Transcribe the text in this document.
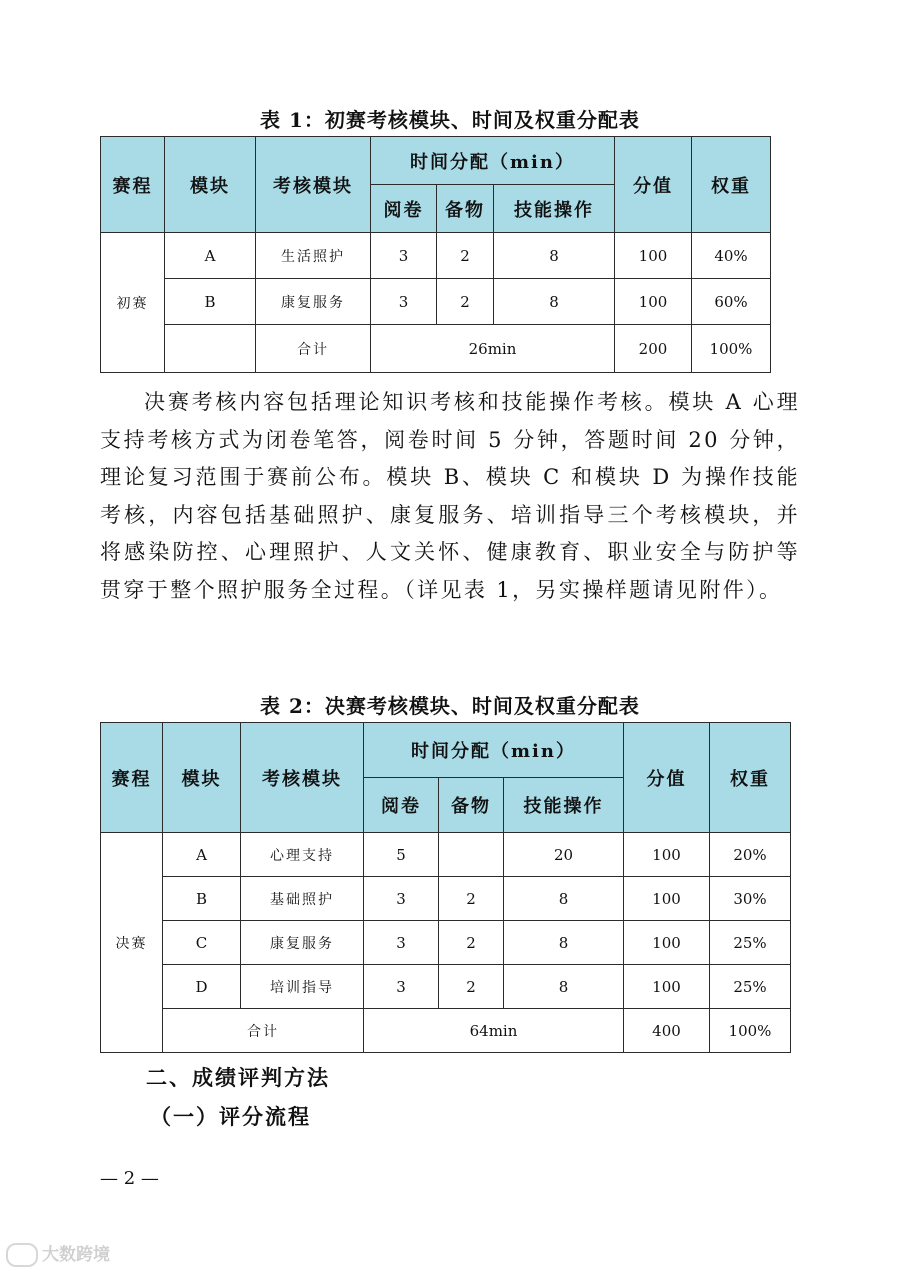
表 1：初赛考核模块、时间及权重分配表
赛程	模块	考核模块	时间分配（min）			分值	权重
			阅卷	备物	技能操作		
初赛	A	生活照护	3	2	8	100	40%
	B	康复服务	3	2	8	100	60%
		合计	26min			200	100%
决赛考核内容包括理论知识考核和技能操作考核。模块 A 心理支持考核方式为闭卷笔答，阅卷时间 5 分钟，答题时间 20 分钟，理论复习范围于赛前公布。模块 B、模块 C 和模块 D 为操作技能考核，内容包括基础照护、康复服务、培训指导三个考核模块，并将感染防控、心理照护、人文关怀、健康教育、职业安全与防护等贯穿于整个照护服务全过程。（详见表 1，另实操样题请见附件）。
表 2：决赛考核模块、时间及权重分配表
赛程	模块	考核模块	时间分配（min）			分值	权重
			阅卷	备物	技能操作		
决赛	A	心理支持	5		20	100	20%
	B	基础照护	3	2	8	100	30%
	C	康复服务	3	2	8	100	25%
	D	培训指导	3	2	8	100	25%
	合计		64min			400	100%
二、成绩评判方法
（一）评分流程
— 2 —
大数跨境
